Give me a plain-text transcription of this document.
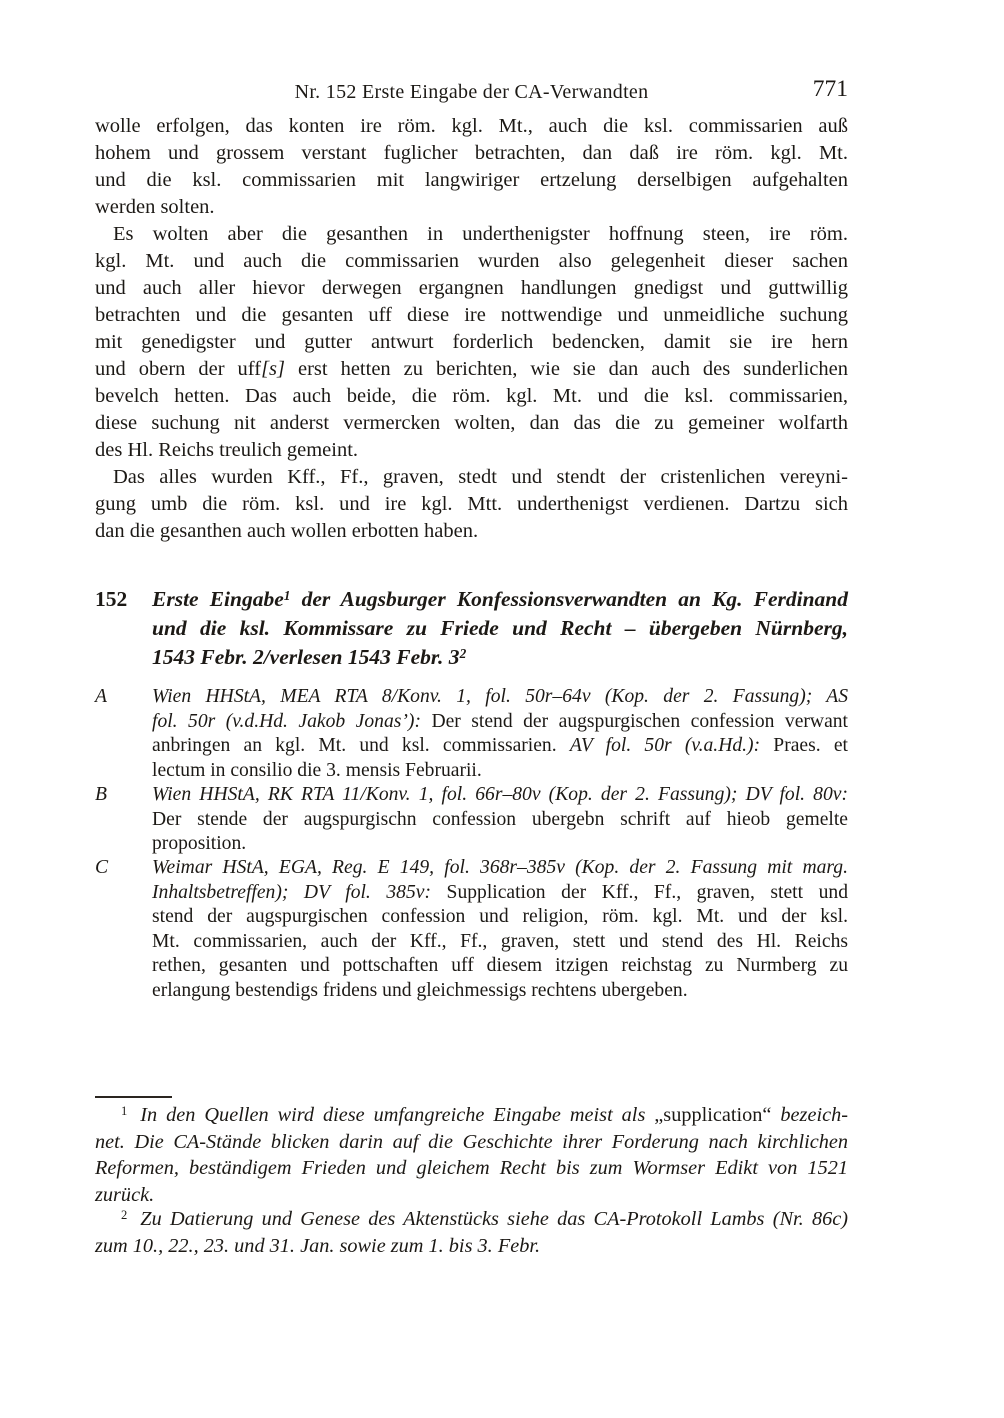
Nr. 152 Erste Eingabe der CA-Verwandten	771
wolle erfolgen, das konten ire röm. kgl. Mt., auch die ksl. commissarien auß
hohem und grossem verstant fuglicher betrachten, dan daß ire röm. kgl. Mt.
und die ksl. commissarien mit langwiriger ertzelung derselbigen aufgehalten
werden solten.
Es wolten aber die gesanthen in underthenigster hoffnung steen, ire röm.
kgl. Mt. und auch die commissarien wurden also gelegenheit dieser sachen
und auch aller hievor derwegen ergangnen handlungen gnedigst und guttwillig
betrachten und die gesanten uff diese ire nottwendige und unmeidliche suchung
mit genedigster und gutter antwurt forderlich bedencken, damit sie ire hern
und obern der uff[s] erst hetten zu berichten, wie sie dan auch des sunderlichen
bevelch hetten. Das auch beide, die röm. kgl. Mt. und die ksl. commissarien,
diese suchung nit anderst vermercken wolten, dan das die zu gemeiner wolfarth
des Hl. Reichs treulich gemeint.
Das alles wurden Kff., Ff., graven, stedt und stendt der cristenlichen vereyni-
gung umb die röm. ksl. und ire kgl. Mtt. underthenigst verdienen. Dartzu sich
dan die gesanthen auch wollen erbotten haben.
152 Erste Eingabe$^1$ der Augsburger Konfessionsverwandten an Kg. Ferdinand
und die ksl. Kommissare zu Friede und Recht – übergeben Nürnberg,
1543 Febr. 2/verlesen 1543 Febr. $3^2$
A Wien HHStA, MEA RTA 8/Konv. 1, fol. 50r–64v (Kop. der 2. Fassung); AS
fol. 50r (v.d.Hd. Jakob Jonas’): Der stend der augspurgischen confession verwant
anbringen an kgl. Mt. und ksl. commissarien. AV fol. 50r (v.a.Hd.): Praes. et
lectum in consilio die 3. mensis Februarii.
B Wien HHStA, RK RTA 11/Konv. 1, fol. 66r–80v (Kop. der 2. Fassung); DV fol. 80v:
Der stende der augspurgischn confession ubergebn schrift auf hieob gemelte
proposition.
C Weimar HStA, EGA, Reg. E 149, fol. 368r–385v (Kop. der 2. Fassung mit marg.
Inhaltsbetreffen); DV fol. 385v: Supplication der Kff., Ff., graven, stett und
stend der augspurgischen confession und religion, röm. kgl. Mt. und der ksl.
Mt. commissarien, auch der Kff., Ff., graven, stett und stend des Hl. Reichs
rethen, gesanten und pottschaften uff diesem itzigen reichstag zu Nurmberg zu
erlangung bestendigs fridens und gleichmessigs rechtens ubergeben.
$^1$ In den Quellen wird diese umfangreiche Eingabe meist als „supplication“ bezeich-
net. Die CA-Stände blicken darin auf die Geschichte ihrer Forderung nach kirchlichen
Reformen, beständigem Frieden und gleichem Recht bis zum Wormser Edikt von 1521
zurück.
$^2$ Zu Datierung und Genese des Aktenstücks siehe das CA-Protokoll Lambs (Nr. 86c)
zum 10., 22., 23. und 31. Jan. sowie zum 1. bis 3. Febr.
